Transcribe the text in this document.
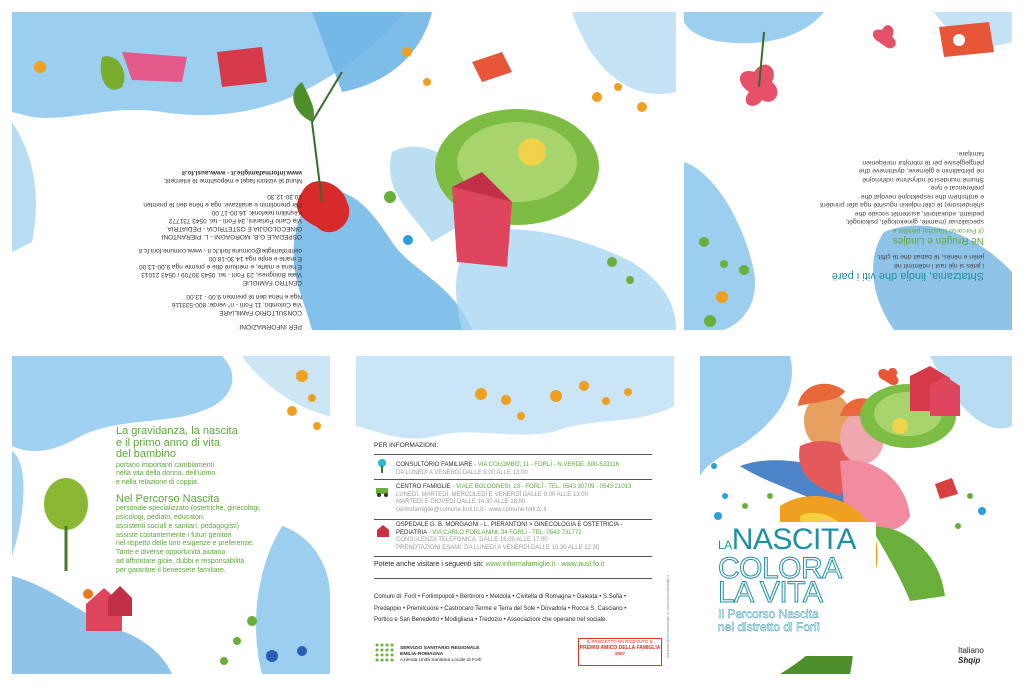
PER INFORMAZIONI:

CONSULTORIO FAMILIARE

Via Colombo, 11 Forlì - n° verde: 800-533116

Nga e hëna deri të premten 9.00 - 13.00

CENTRO FAMIGLIE

Viale Bolognesi, 23 Forlì - tel. 0543 30709 / 0543 21013

E hëna e marte, e mërkurë dhe e premte nga 9.00-13.00

E marte e enjte nga 14.30-18.00

centrofamiglie@comune.forli.fc.it - www.comune.forli.fc.it

OSPEDALE G.B. MORGAGNI - L. PIERANTONI

GINECOLOGJIA E OSTETRICIA - PEDIATRIA

Via Carlo Forlanini, 34 Forlì - tel. 0543 731772

Këshillim telefonik: 16.00-17.00

Për prenotimin e analizave: nga e hëna deri të premten

10.30-12.30

Mund të vizitoni faqet e mëposhtme të internetit:

www.informafamiglie.it - www.ausl.fo.it

Shtatzania, lindja dhe viti i parë

i jetës si një rast i ndërrimit në

jetën e nënës, të babait dhe të çiftit.

Në Rrugën e Lindjes

(Il Percorso Nascita) përkitet e

specializuar (mamitë, gjinekologët, psikologët,

pediatrit, edukatorët, asistentët sociale dhe

shëndetsore) të cilët ndjekin ngushtë nga afër prindërit

e ardhshëm dhe respektojnë nevojat dhe

preferencat e tyre.

Shumë mundësi të ndryshme ndihmojnë

në përballimin e gjëmeve, dyshimeve dhe

përgjegjësive për të mbrojtur mirëqenien

familjare.

La gravidanza, la nascita

e il primo anno di vita

del bambino

portano importanti cambiamenti

nella vita della donna, dell'uomo

e nella relazione di coppia.

Nel Percorso Nascita

personale specializzato (ostetriche, ginecologi,

psicologi, pediatri, educatori,

assistenti sociali e sanitari, pedagogisti)

assiste costantemente i futuri genitori

nel rispetto delle loro esigenze e preferenze.

Tante e diverse opportunità aiutano

ad affrontare gioie, dubbi e responsabilità

per garantire il benessere familiare.

PER INFORMAZIONI:

CONSULTORIO FAMILIARE - VIA COLOMBO, 11 - FORLÌ - N.VERDE: 800-533116

DA LUNEDÌ A VENERDÌ DALLE 9.00 ALLE 13.00

CENTRO FAMIGLIE - VIALE BOLOGNESI, 23 - FORLÌ - TEL. 0543 30709 - 0543 21013

LUNEDÌ, MARTEDÌ, MERCOLEDÌ E VENERDÌ DALLE 9.00 ALLE 13.00

MARTEDÌ E GIOVEDÌ DALLE 14.30 ALLE 18.00

centrofamiglie@comune.forli.fc.it - www.comune.forli.fc.it

OSPEDALE G. B. MORGAGNI - L. PIERANTONI > GINECOLOGIA E OSTETRICIA -

PEDIATRIA - VIA CARLO FORLANINI, 34 FORLÌ - TEL. 0543 731772

CONSULENZA TELEFONICA: DALLE 16.00 ALLE 17.00

PRENOTAZIONI ESAMI: DA LUNEDÌ A VENERDÌ DALLE 10.30 ALLE 12.30

Potete anche visitare i seguenti siti: www.informafamiglie.it - www.ausl.fo.it

Comuni di: Forlì • Forlimpopoli • Bertinoro • Meldola • Civitella di Romagna • Galeata • S.Sofia •

Predappio • Premilcuore • Castrocaro Terme e Terra del Sole • Dovadola • Rocca S. Casciano •

Portico e San Benedetto • Modigliana • Tredozio • Associazioni che operano nel sociale.

SERVIZIO SANITARIO REGIONALE

EMILIA-ROMAGNA

Azienda Unità Sanitaria Locale di Forlì

IL PROGETTO HA RICEVUTO IL

PREMIO AMICO DELLA FAMIGLIA

2007	realizzato@informafamiglie.it • www.informafamiglie.it

LANASCITA

COLORA

LA VITA

Il Percorso Nascita

nel distretto di Forlì

Italiano

Shqip
